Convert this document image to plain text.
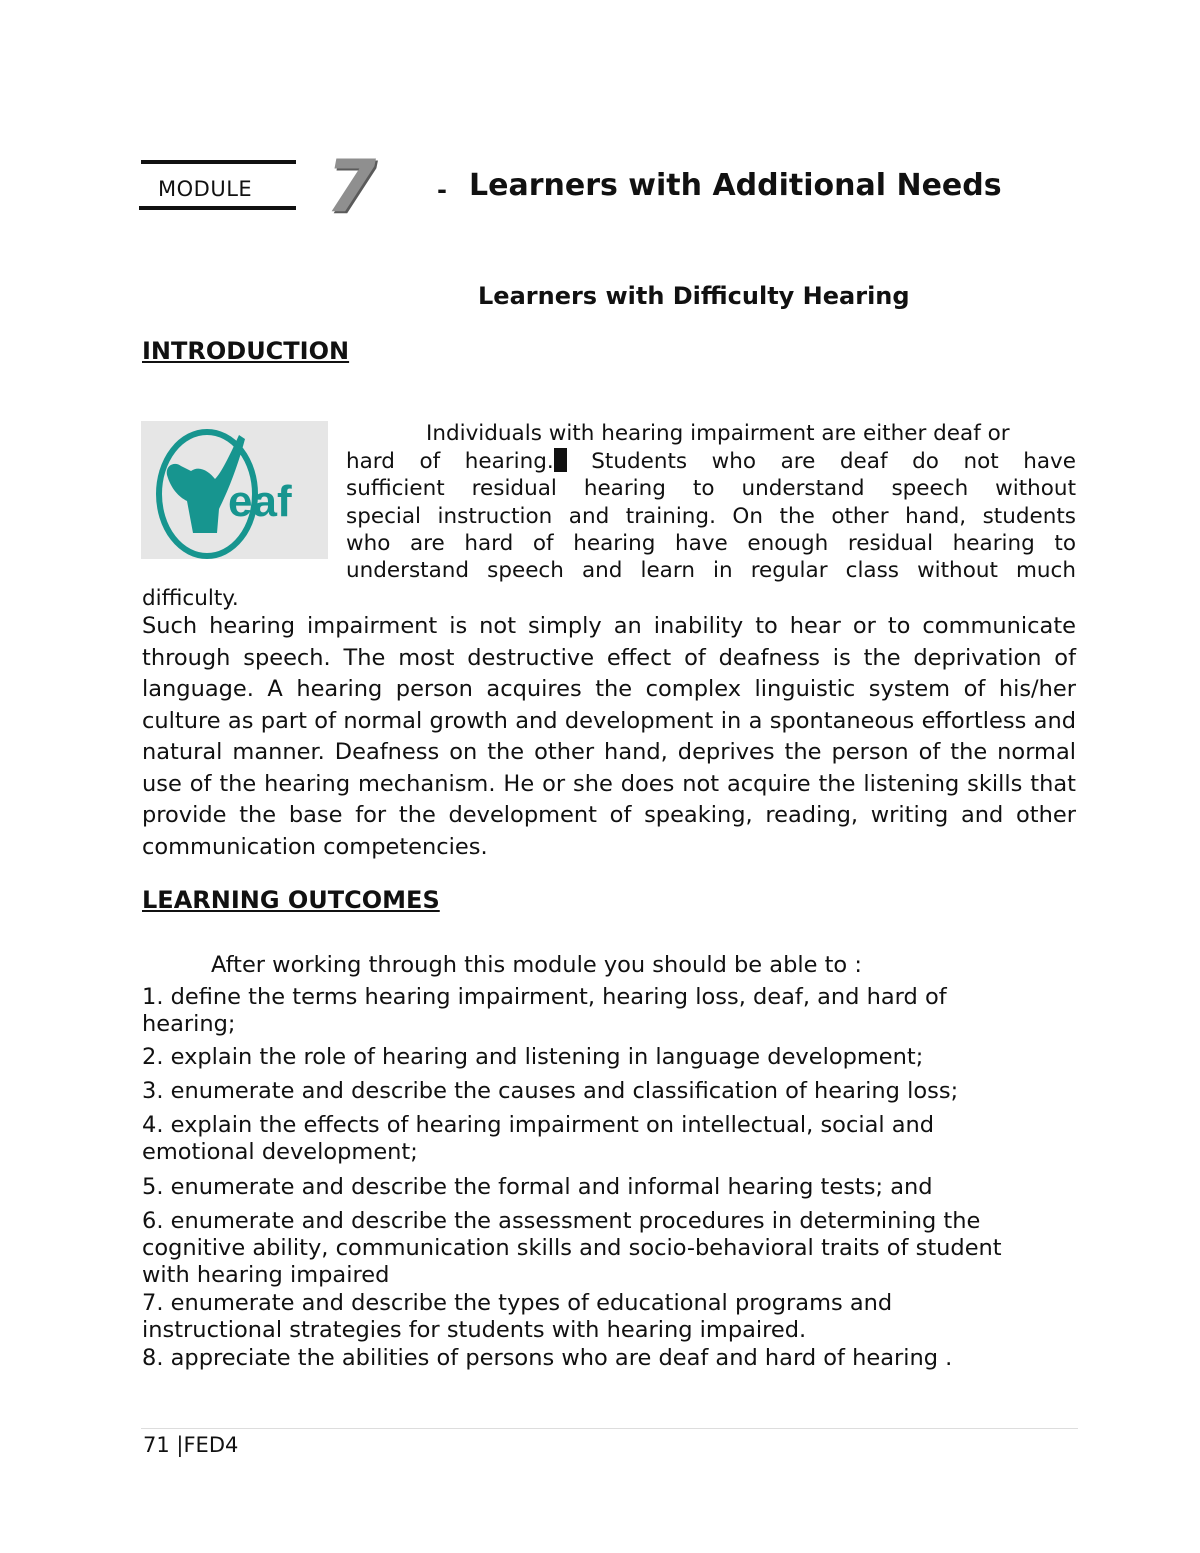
MODULE 7	- Learners with Additional Needs
Learners with Difficulty Hearing
INTRODUCTION
eaf
Individuals with hearing impairment are either deaf or
hard of hearing. Students who are deaf do not have
sufficient residual hearing to understand speech without
special instruction and training. On the other hand, students
who are hard of hearing have enough residual hearing to
understand speech and learn in regular class without much
difficulty.
Such hearing impairment is not simply an inability to hear or to communicate through speech. The most destructive effect of deafness is the deprivation of language. A hearing person acquires the complex linguistic system of his/her culture as part of normal growth and development in a spontaneous effortless and natural manner. Deafness on the other hand, deprives the person of the normal use of the hearing mechanism. He or she does not acquire the listening skills that provide the base for the development of speaking, reading, writing and other communication competencies.
LEARNING OUTCOMES
After working through this module you should be able to :
1. define the terms hearing impairment, hearing loss, deaf, and hard of hearing;
2. explain the role of hearing and listening in language development;
3. enumerate and describe the causes and classification of hearing loss;
4. explain the effects of hearing impairment on intellectual, social and emotional development;
5. enumerate and describe the formal and informal hearing tests; and
6. enumerate and describe the assessment procedures in determining the cognitive ability, communication skills and socio-behavioral traits of student with hearing impaired
7. enumerate and describe the types of educational programs and instructional strategies for students with hearing impaired.
8. appreciate the abilities of persons who are deaf and hard of hearing .
71 |FED4
